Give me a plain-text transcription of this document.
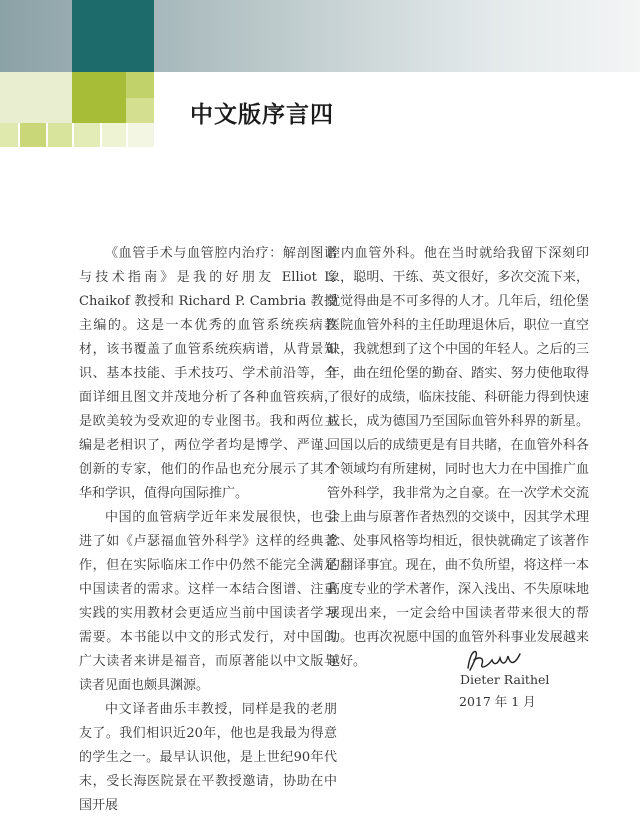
中文版序言四

《血管手术与血管腔内治疗：解剖图谱与技术指南》是我的好朋友 Elliot L. Chaikof 教授和 Richard P. Cambria 教授主编的。这是一本优秀的血管系统疾病教材，该书覆盖了血管系统疾病谱，从背景知识、基本技能、手术技巧、学术前沿等，全面详细且图文并茂地分析了各种血管疾病，是欧美较为受欢迎的专业图书。我和两位主编是老相识了，两位学者均是博学、严谨、创新的专家，他们的作品也充分展示了其才华和学识，值得向国际推广。

中国的血管病学近年来发展很快，也引进了如《卢瑟福血管外科学》这样的经典著作，但在实际临床工作中仍然不能完全满足中国读者的需求。这样一本结合图谱、注重实践的实用教材会更适应当前中国读者学习需要。本书能以中文的形式发行，对中国的广大读者来讲是福音，而原著能以中文版与读者见面也颇具渊源。

中文译者曲乐丰教授，同样是我的老朋友了。我们相识近20年，他也是我最为得意的学生之一。最早认识他，是上世纪90年代末，受长海医院景在平教授邀请，协助在中国开展

腔内血管外科。他在当时就给我留下深刻印象，聪明、干练、英文很好，多次交流下来，就觉得曲是不可多得的人才。几年后，纽伦堡医院血管外科的主任助理退休后，职位一直空缺，我就想到了这个中国的年轻人。之后的三年，曲在纽伦堡的勤奋、踏实、努力使他取得了很好的成绩，临床技能、科研能力得到快速成长，成为德国乃至国际血管外科界的新星。回国以后的成绩更是有目共睹，在血管外科各个领域均有所建树，同时也大力在中国推广血管外科学，我非常为之自豪。在一次学术交流会上曲与原著作者热烈的交谈中，因其学术理念、处事风格等均相近，很快就确定了该著作的翻译事宜。现在，曲不负所望，将这样一本高度专业的学术著作，深入浅出、不失原味地展现出来，一定会给中国读者带来很大的帮助。也再次祝愿中国的血管外科事业发展越来越好。

Dieter Raithel
2017 年 1 月
